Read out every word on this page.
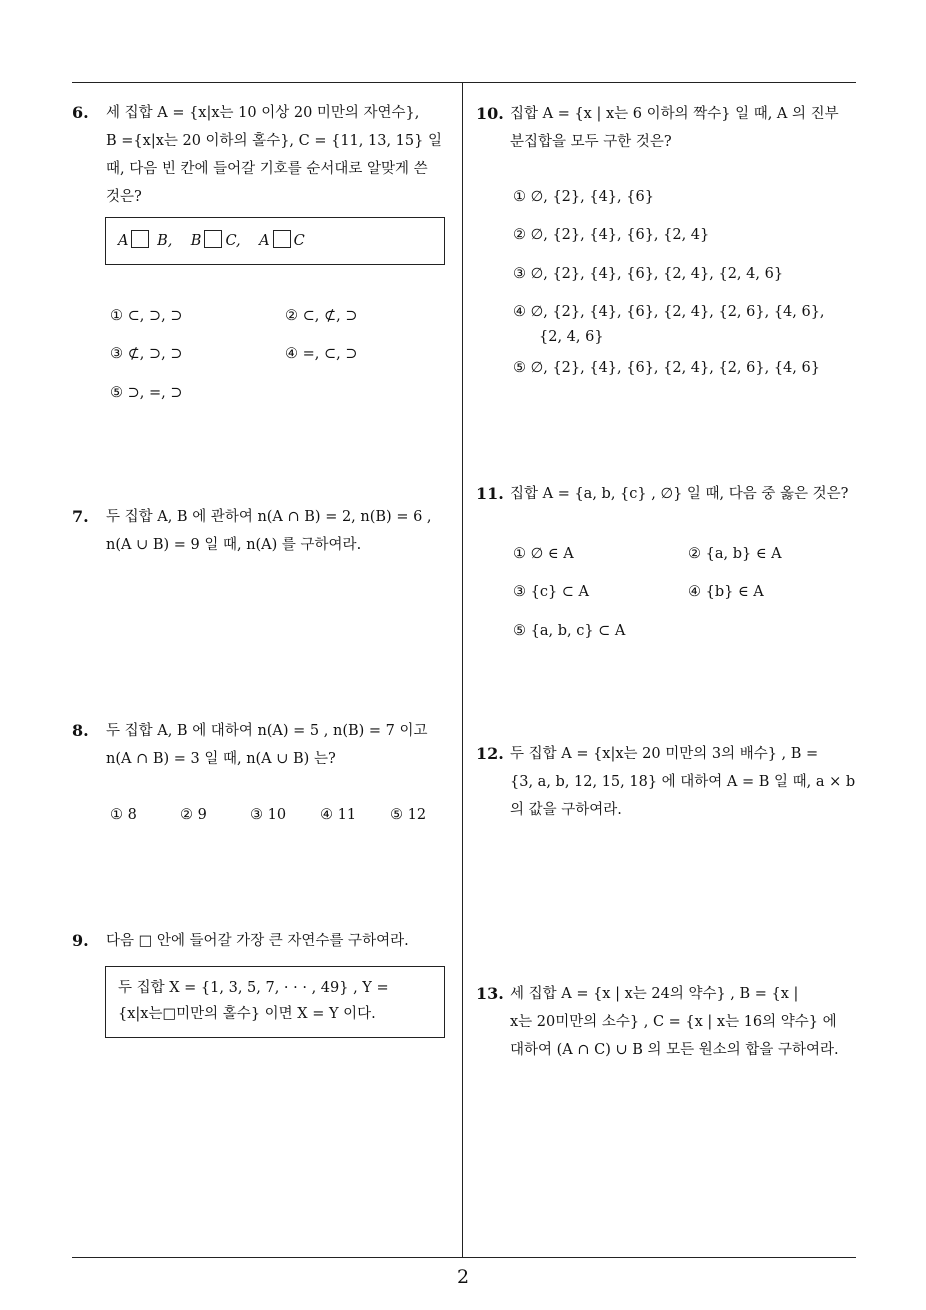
2
6. 세 집합 A = {x|x는 10 이상 20 미만의 자연수},
B ={x|x는 20 이하의 홀수}, C = {11, 13, 15} 일
때, 다음 빈 칸에 들어갈 기호를 순서대로 알맞게 쓴
것은?
A B, B C, A C
① ⊂, ⊃, ⊃	② ⊂, ⊄, ⊃
③ ⊄, ⊃, ⊃	④ =, ⊂, ⊃
⑤ ⊃, =, ⊃
7. 두 집합 A, B 에 관하여 n(A ∩ B) = 2, n(B) = 6 ,
n(A ∪ B) = 9 일 때, n(A) 를 구하여라.
8. 두 집합 A, B 에 대하여 n(A) = 5 , n(B) = 7 이고
n(A ∩ B) = 3 일 때, n(A ∪ B) 는?
① 8	② 9	③ 10 ④ 11 ⑤ 12
9. 다음 □ 안에 들어갈 가장 큰 자연수를 구하여라.
두 집합 X = {1, 3, 5, 7, · · · , 49} , Y =
{x|x는□미만의 홀수} 이면 X = Y 이다.
10. 집합 A = {x | x는 6 이하의 짝수} 일 때, A 의 진부
분집합을 모두 구한 것은?
① ∅, {2}, {4}, {6}
② ∅, {2}, {4}, {6}, {2, 4}
③ ∅, {2}, {4}, {6}, {2, 4}, {2, 4, 6}
④ ∅, {2}, {4}, {6}, {2, 4}, {2, 6}, {4, 6},
{2, 4, 6}
⑤ ∅, {2}, {4}, {6}, {2, 4}, {2, 6}, {4, 6}
11. 집합 A = {a, b, {c} , ∅} 일 때, 다음 중 옳은 것은?
① ∅ ∈ A	② {a, b} ∈ A
③ {c} ⊂ A	④ {b} ∈ A
⑤ {a, b, c} ⊂ A
12. 두 집합 A = {x|x는 20 미만의 3의 배수} , B =
{3, a, b, 12, 15, 18} 에 대하여 A = B 일 때, a × b
의 값을 구하여라.
13. 세 집합 A = {x | x는 24의 약수} , B = {x |
x는 20미만의 소수} , C = {x | x는 16의 약수} 에
대하여 (A ∩ C) ∪ B 의 모든 원소의 합을 구하여라.
